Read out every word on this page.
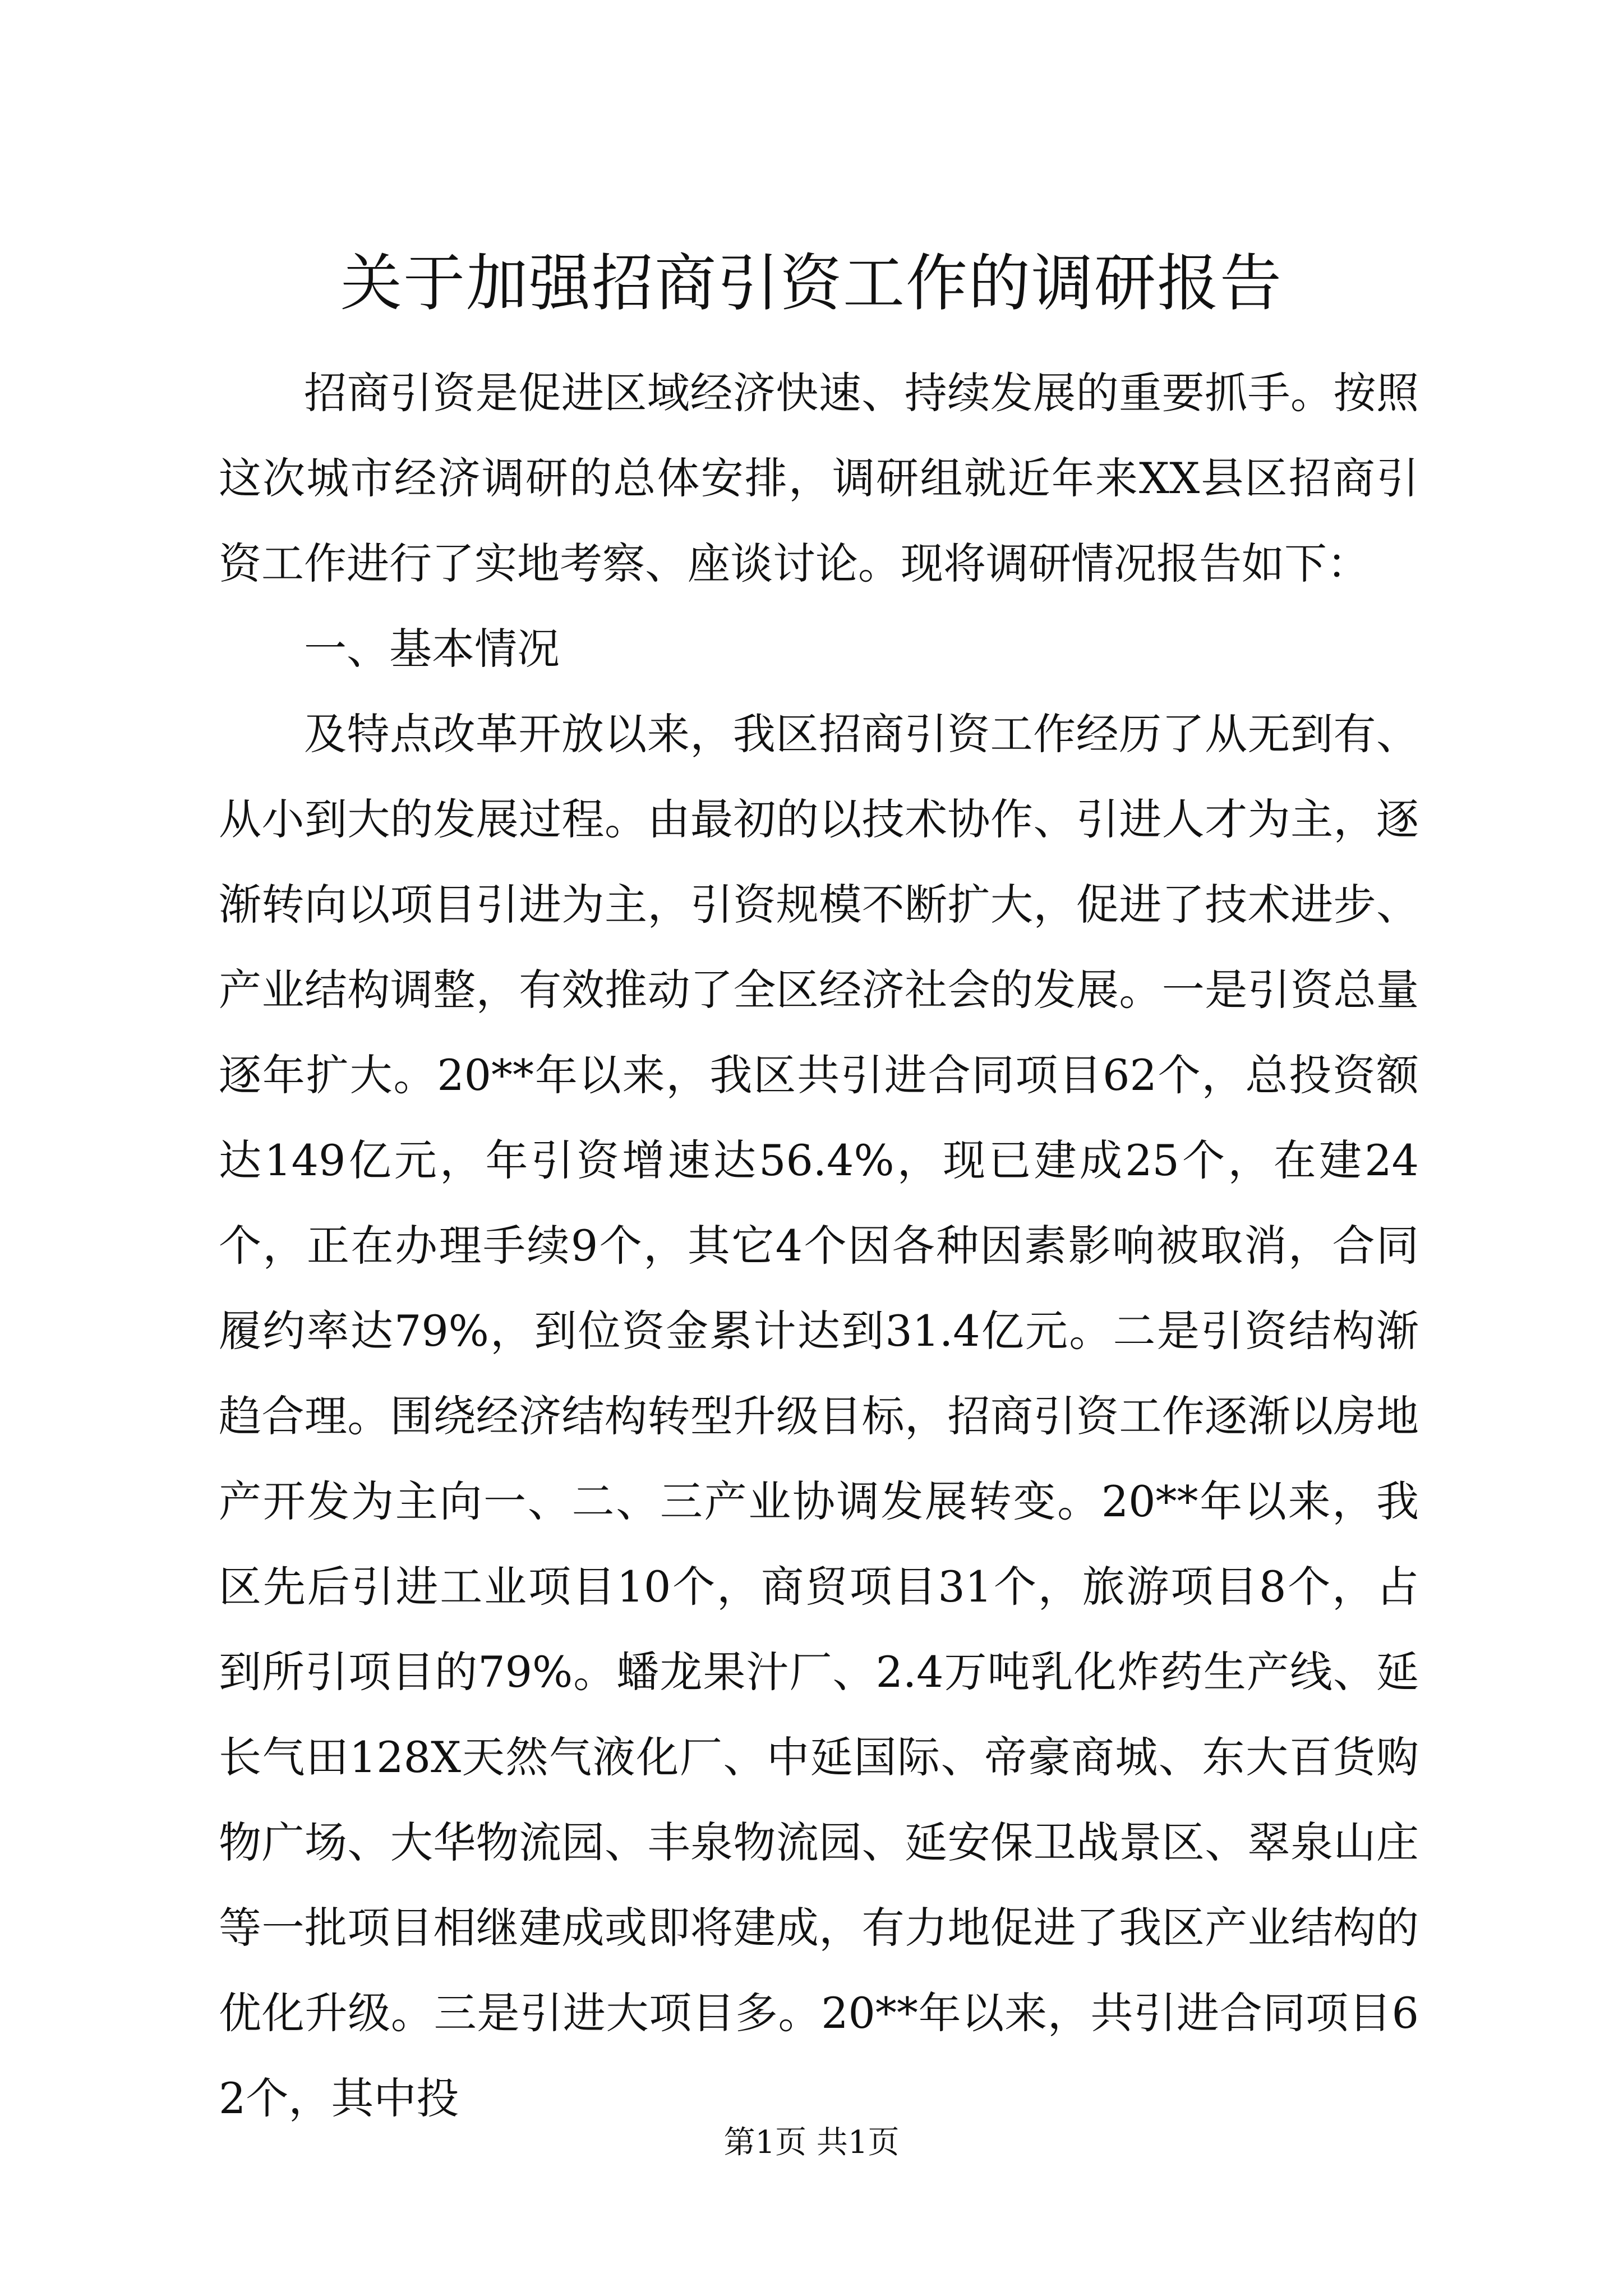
关于加强招商引资工作的调研报告

招商引资是促进区域经济快速、持续发展的重要抓手。按照这次城市经济调研的总体安排，调研组就近年来XX县区招商引资工作进行了实地考察、座谈讨论。现将调研情况报告如下：

一、基本情况

及特点改革开放以来，我区招商引资工作经历了从无到有、从小到大的发展过程。由最初的以技术协作、引进人才为主，逐渐转向以项目引进为主，引资规模不断扩大，促进了技术进步、产业结构调整，有效推动了全区经济社会的发展。一是引资总量逐年扩大。20**年以来，我区共引进合同项目62个，总投资额达149亿元，年引资增速达56.4%，现已建成25个，在建24个，正在办理手续9个，其它4个因各种因素影响被取消，合同履约率达79%，到位资金累计达到31.4亿元。二是引资结构渐趋合理。围绕经济结构转型升级目标，招商引资工作逐渐以房地产开发为主向一、二、三产业协调发展转变。20**年以来，我区先后引进工业项目10个，商贸项目31个，旅游项目8个，占到所引项目的79%。蟠龙果汁厂、2.4万吨乳化炸药生产线、延长气田128X天然气液化厂、中延国际、帝豪商城、东大百货购物广场、大华物流园、丰泉物流园、延安保卫战景区、翠泉山庄等一批项目相继建成或即将建成，有力地促进了我区产业结构的优化升级。三是引进大项目多。20**年以来，共引进合同项目62个，其中投

第1页 共1页
